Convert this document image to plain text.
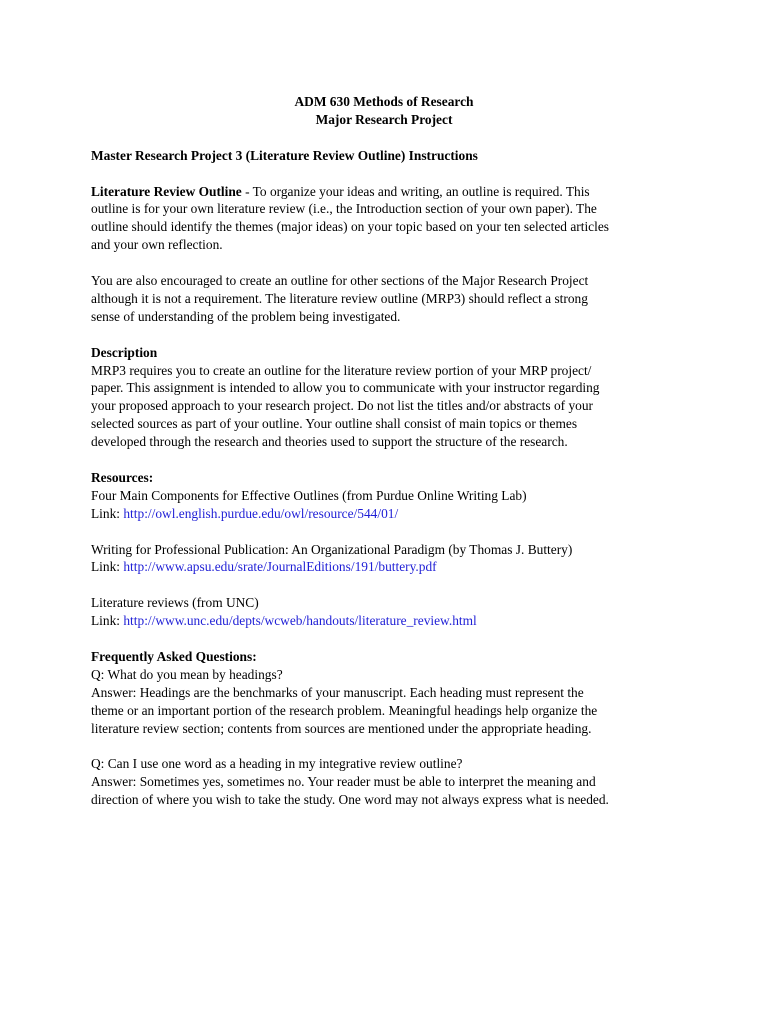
ADM 630 Methods of Research

Major Research Project

Master Research Project 3 (Literature Review Outline) Instructions

Literature Review Outline - To organize your ideas and writing, an outline is required. This
outline is for your own literature review (i.e., the Introduction section of your own paper). The
outline should identify the themes (major ideas) on your topic based on your ten selected articles
and your own reflection.
You are also encouraged to create an outline for other sections of the Major Research Project
although it is not a requirement. The literature review outline (MRP3) should reflect a strong
sense of understanding of the problem being investigated.
Description
MRP3 requires you to create an outline for the literature review portion of your MRP project/
paper. This assignment is intended to allow you to communicate with your instructor regarding
your proposed approach to your research project. Do not list the titles and/or abstracts of your
selected sources as part of your outline. Your outline shall consist of main topics or themes
developed through the research and theories used to support the structure of the research.
Resources:
Four Main Components for Effective Outlines (from Purdue Online Writing Lab)
Link: http://owl.english.purdue.edu/owl/resource/544/01/
Writing for Professional Publication: An Organizational Paradigm (by Thomas J. Buttery)
Link: http://www.apsu.edu/srate/JournalEditions/191/buttery.pdf
Literature reviews (from UNC)
Link: http://www.unc.edu/depts/wcweb/handouts/literature_review.html
Frequently Asked Questions:
Q: What do you mean by headings?
Answer: Headings are the benchmarks of your manuscript. Each heading must represent the
theme or an important portion of the research problem. Meaningful headings help organize the
literature review section; contents from sources are mentioned under the appropriate heading.
Q: Can I use one word as a heading in my integrative review outline?
Answer: Sometimes yes, sometimes no. Your reader must be able to interpret the meaning and
direction of where you wish to take the study. One word may not always express what is needed.
